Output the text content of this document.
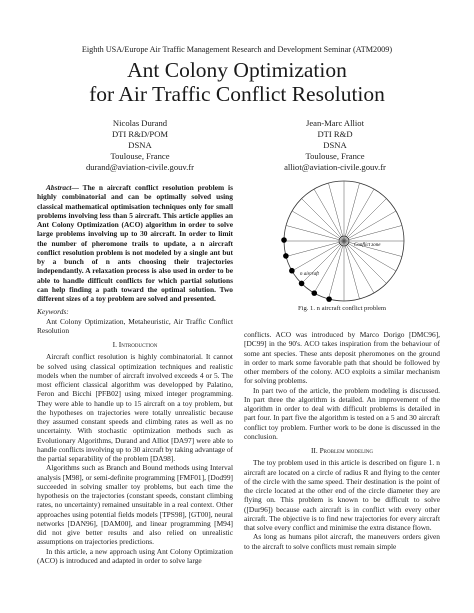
Eighth USA/Europe Air Traffic Management Research and Development Seminar (ATM2009)
Ant Colony Optimization
for Air Traffic Conflict Resolution
Nicolas Durand
DTI R&D/POM
DSNA
Toulouse, France
durand@aviation-civile.gouv.fr
Jean-Marc Alliot
DTI R&D
DSNA
Toulouse, France
alliot@aviation-civile.gouv.fr

Abstract— The n aircraft conflict resolution problem is highly combinatorial and can be optimally solved using classical mathematical optimisation techniques only for small problems involving less than 5 aircraft. This article applies an Ant Colony Optimization (ACO) algorithm in order to solve large problems involving up to 30 aircraft. In order to limit the number of pheromone trails to update, a n aircraft conflict resolution problem is not modeled by a single ant but by a bunch of n ants choosing their trajectories independantly. A relaxation process is also used in order to be able to handle difficult conflicts for which partial solutions can help finding a path toward the optimal solution. Two different sizes of a toy problem are solved and presented.

Keywords:

Ant Colony Optimization, Metaheuristic, Air Traffic Conflict Resolution

I. Introduction

Aircraft conflict resolution is highly combinatorial. It cannot be solved using classical optimization techniques and realistic models when the number of aircraft involved exceeds 4 or 5. The most efficient classical algorithm was developped by Palatino, Feron and Bicchi [PFB02] using mixed integer programming. They were able to handle up to 15 aircraft on a toy problem, but the hypotheses on trajectories were totally unrealistic because they assumed constant speeds and climbing rates as well as no uncertainty. With stochastic optimization methods such as Evolutionary Algorithms, Durand and Alliot [DA97] were able to handle conflicts involving up to 30 aircraft by taking advantage of the partial separability of the problem [DA98].

Algorithms such as Branch and Bound methods using Interval analysis [M98], or semi-definite programming [FMF01], [Dod99] succeeded in solving smaller toy problems, but each time the hypothesis on the trajectories (constant speeds, constant climbing rates, no uncertainty) remained unsuitable in a real context. Other approaches using potential fields models [TPS98], [GT00], neural networks [DAN96], [DAM00], and linear programming [M94] did not give better results and also relied on unrealistic assumptions on trajectories predictions.

In this article, a new approach using Ant Colony Optimization (ACO) is introduced and adapted in order to solve large

Conflict zone
n aircraft
Fig. 1. n aircraft conflict problem

conflicts. ACO was introduced by Marco Dorigo [DMC96], [DC99] in the 90's. ACO takes inspiration from the behaviour of some ant species. These ants deposit pheromones on the ground in order to mark some favorable path that should be followed by other members of the colony. ACO exploits a similar mechanism for solving problems.

In part two of the article, the problem modeling is discussed. In part three the algorithm is detailed. An improvement of the algorithm in order to deal with difficult problems is detailed in part four. In part five the algorithm is tested on a 5 and 30 aircraft conflict toy problem. Further work to be done is discussed in the conclusion.

II. Problem modeling

The toy problem used in this article is described on figure 1. n aircraft are located on a circle of radius R and flying to the center of the circle with the same speed. Their destination is the point of the circle located at the other end of the circle diameter they are flying on. This problem is known to be difficult to solve ([Dur96]) because each aircraft is in conflict with every other aircraft. The objective is to find new trajectories for every aircraft that solve every conflict and minimise the extra distance flown.

As long as humans pilot aircraft, the maneuvers orders given to the aircraft to solve conflicts must remain simple
